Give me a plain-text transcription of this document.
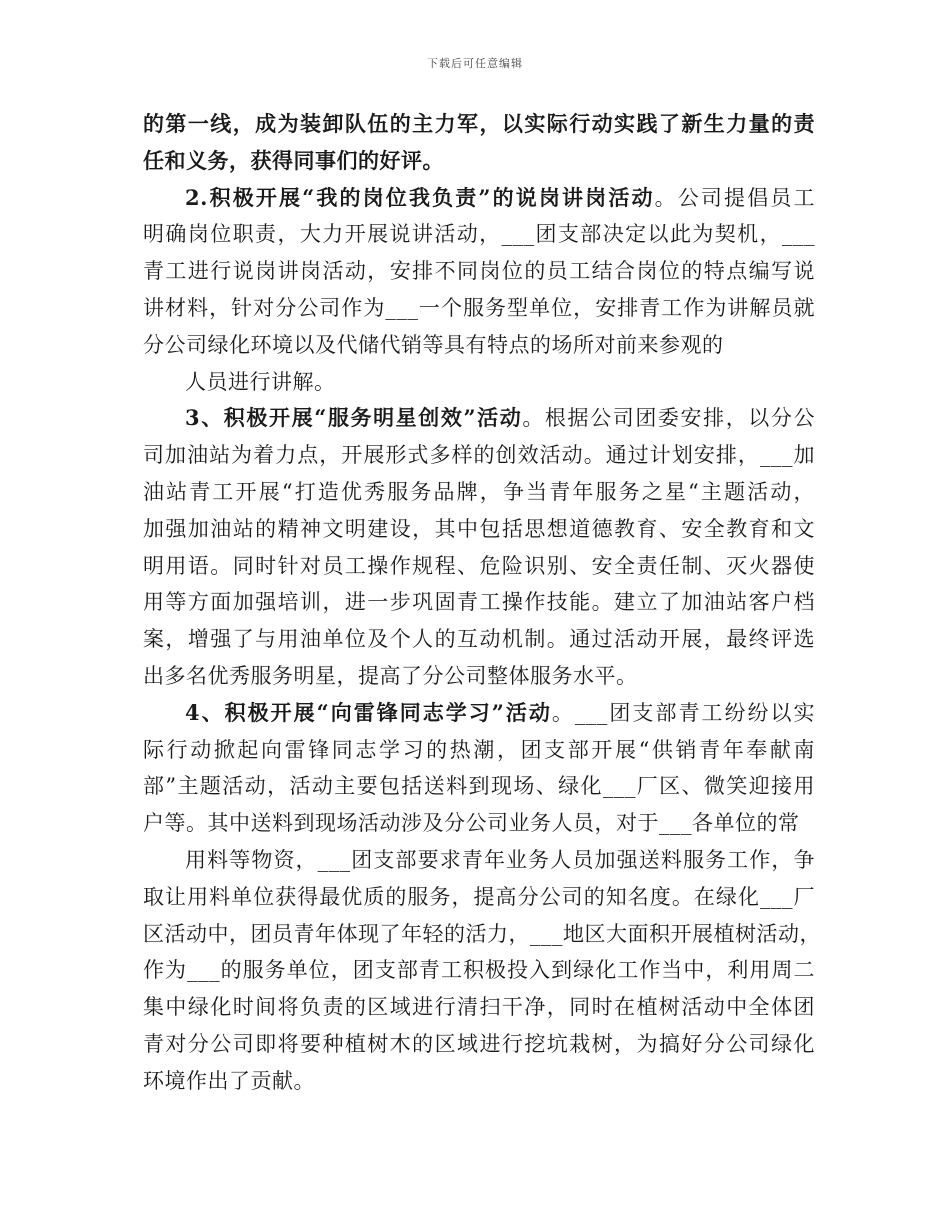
下载后可任意编辑
的第一线，成为装卸队伍的主力军，以实际行动实践了新生力量的责
任和义务，获得同事们的好评。
2.积极开展“我的岗位我负责”的说岗讲岗活动。公司提倡员工
明确岗位职责，大力开展说讲活动，___团支部决定以此为契机，___
青工进行说岗讲岗活动，安排不同岗位的员工结合岗位的特点编写说
讲材料，针对分公司作为___一个服务型单位，安排青工作为讲解员就
分公司绿化环境以及代储代销等具有特点的场所对前来参观的
人员进行讲解。
3、积极开展“服务明星创效”活动。根据公司团委安排，以分公
司加油站为着力点，开展形式多样的创效活动。通过计划安排，___加
油站青工开展“打造优秀服务品牌，争当青年服务之星“主题活动，
加强加油站的精神文明建设，其中包括思想道德教育、安全教育和文
明用语。同时针对员工操作规程、危险识别、安全责任制、灭火器使
用等方面加强培训，进一步巩固青工操作技能。建立了加油站客户档
案，增强了与用油单位及个人的互动机制。通过活动开展，最终评选
出多名优秀服务明星，提高了分公司整体服务水平。
4、积极开展“向雷锋同志学习”活动。___团支部青工纷纷以实
际行动掀起向雷锋同志学习的热潮，团支部开展“供销青年奉献南
部”主题活动，活动主要包括送料到现场、绿化___厂区、微笑迎接用
户等。其中送料到现场活动涉及分公司业务人员，对于___各单位的常
用料等物资，___团支部要求青年业务人员加强送料服务工作，争
取让用料单位获得最优质的服务，提高分公司的知名度。在绿化___厂
区活动中，团员青年体现了年轻的活力，___地区大面积开展植树活动，
作为___的服务单位，团支部青工积极投入到绿化工作当中，利用周二
集中绿化时间将负责的区域进行清扫干净，同时在植树活动中全体团
青对分公司即将要种植树木的区域进行挖坑栽树，为搞好分公司绿化
环境作出了贡献。
